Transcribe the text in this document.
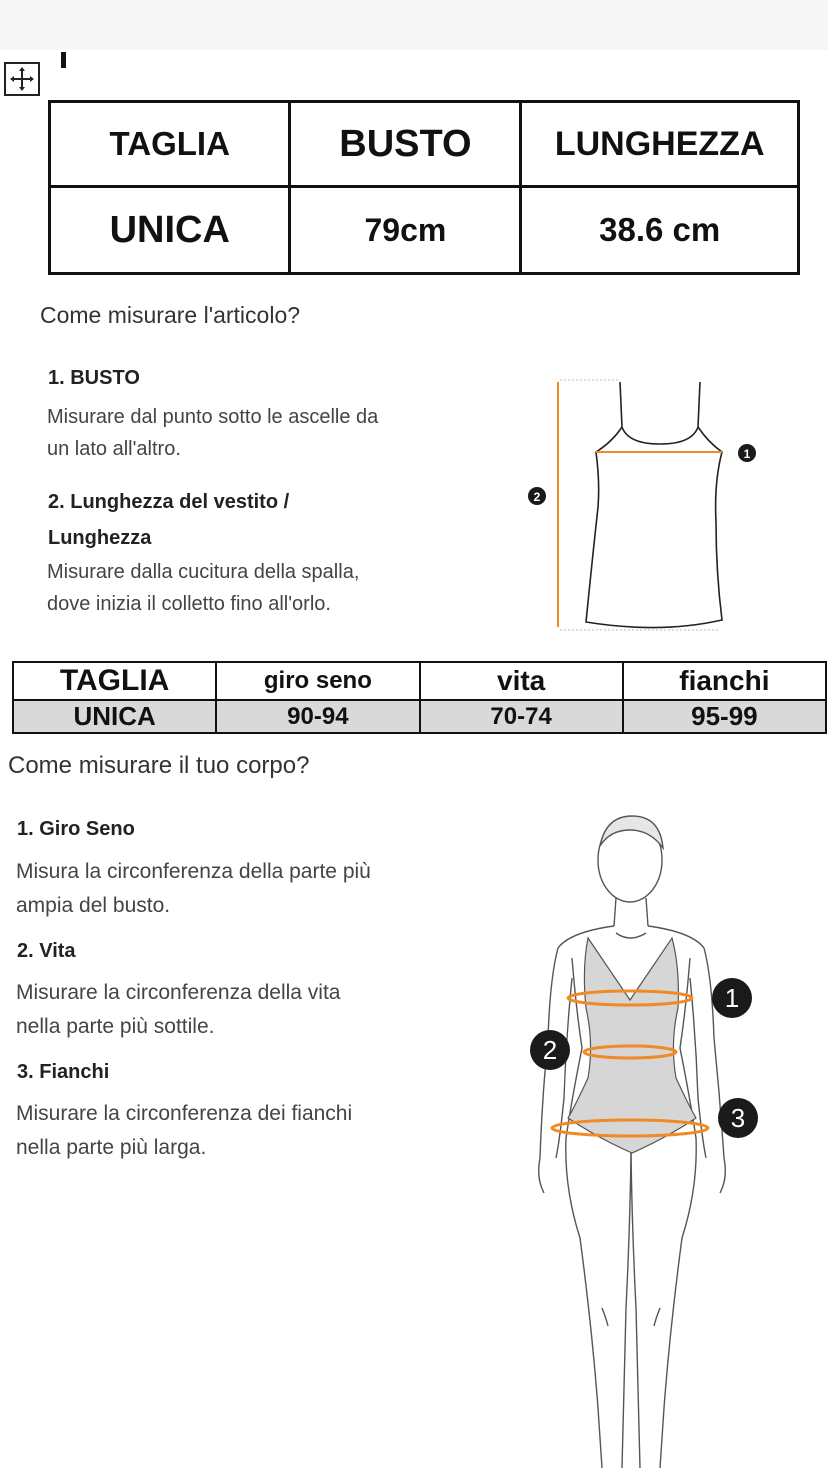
TAGLIA	BUSTO	LUNGHEZZA
UNICA	79cm	38.6 cm
Come misurare l'articolo?
1. BUSTO
Misurare dal punto sotto le ascelle da
un lato all'altro.
2. Lunghezza del vestito /
Lunghezza
Misurare dalla cucitura della spalla,
dove inizia il colletto fino all'orlo.
1
2
TAGLIA	giro seno	vita	fianchi
UNICA	90-94	70-74	95-99
Come misurare il tuo corpo?
1. Giro Seno
Misura la circonferenza della parte più
ampia del busto.
2. Vita
Misurare la circonferenza della vita
nella parte più sottile.
3. Fianchi
Misurare la circonferenza dei fianchi
nella parte più larga.
1
2
3
